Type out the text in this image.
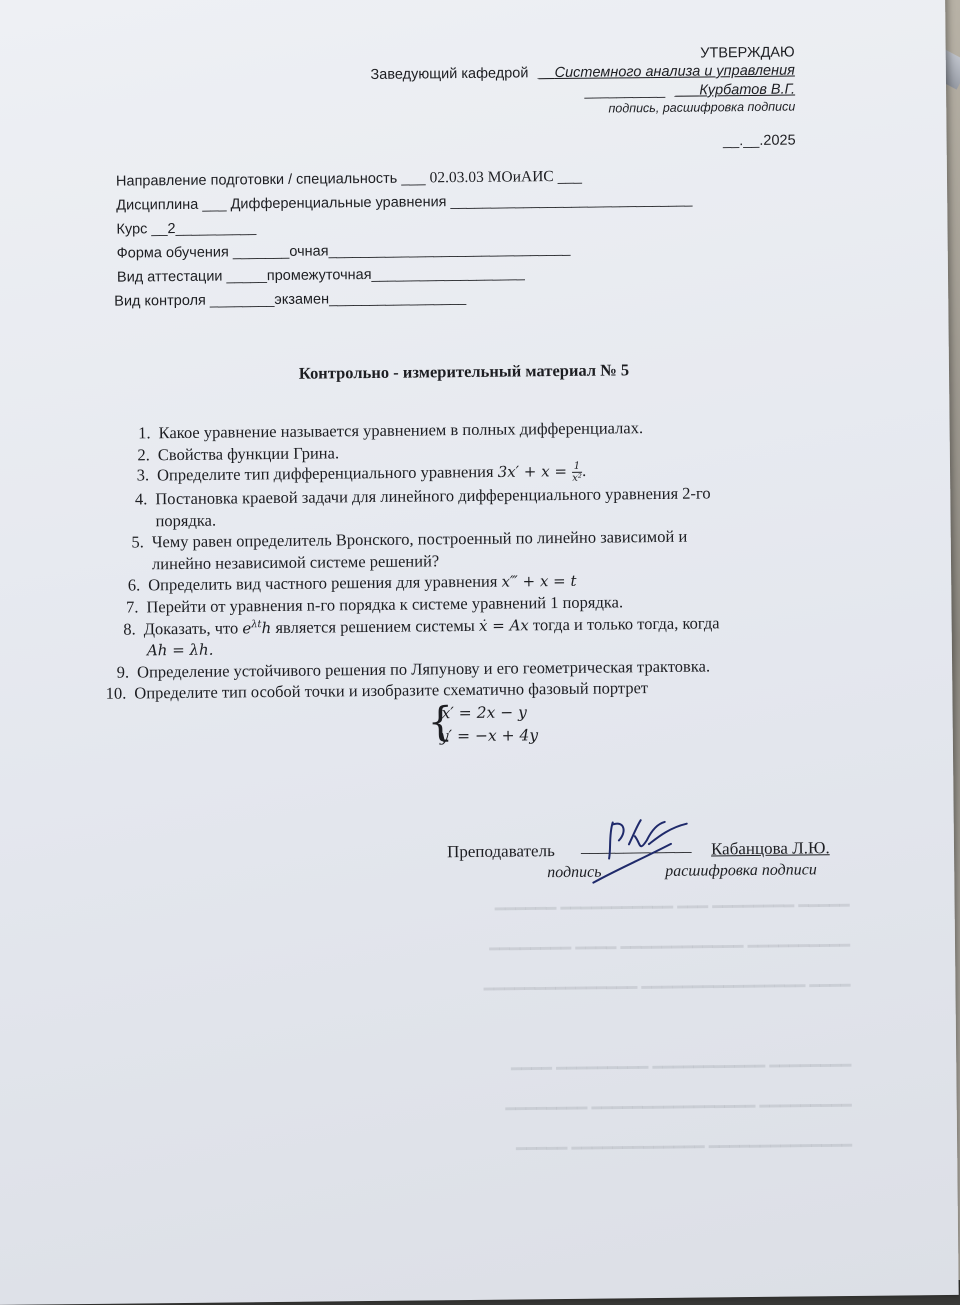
УТВЕРЖДАЮ
Заведующий кафедрой __Системного анализа и управления
__________ ___Курбатов В.Г.
подпись, расшифровка подписи
__.__.2025
Направление подготовки / специальность ___ 02.03.03 МОиАИС ___
Дисциплина ___ Дифференциальные уравнения ______________________________
Курс __2__________
Форма обучения _______очная______________________________
Вид аттестации _____промежуточная___________________
Вид контроля ________экзамен_________________
Контрольно - измерительный материал № 5
1. Какое уравнение называется уравнением в полных дифференциалах.
2. Свойства функции Грина.
3. Определите тип дифференциального уравнения $3x' + x = \frac{1}{\text{x²}}$ .
4. Постановка краевой задачи для линейного дифференциального уравнения 2-го
порядка.
5. Чему равен определитель Вронского, построенный по линейно зависимой и
линейно независимой системе решений?
6. Определить вид частного решения для уравнения x‴ + x = t
7. Перейти от уравнения n-го порядка к системе уравнений 1 порядка.
8. Доказать, что $e^{\lambda t}h$ является решением системы ẋ = Ax тогда и только тогда, когда
Ah = λh.
9. Определение устойчивого решения по Ляпунову и его геометрическая трактовка.
10. Определите тип особой точки и изобразите схематично фазовый портрет
{
x′ = 2x − y
y′ = −x + 4y
Преподаватель _____________ Кабанцова Л.Ю.
подпись	расшифровка подписи
━━━━━ ━━━━━━━━ ━━━ ━━━━━━━━━━━ ━━━━━━
━━━━━━━━━━ ━━━━━━━━━━━━ ━━━━ ━━━━━━━━
━━━━ ━━━━━━━━━━━━━━━━ ━━━━━━━━━━━━━━━
━━━━━━━━ ━━━━━━━━━━━ ━━━━━━━━━ ━━━━
━━━━━━━━━ ━━━━━━━━━━━━━━━━ ━━━━━━━━
━━━━━━━━━━━━━━ ━━━━━━━━━━━━━ ━━━━━
